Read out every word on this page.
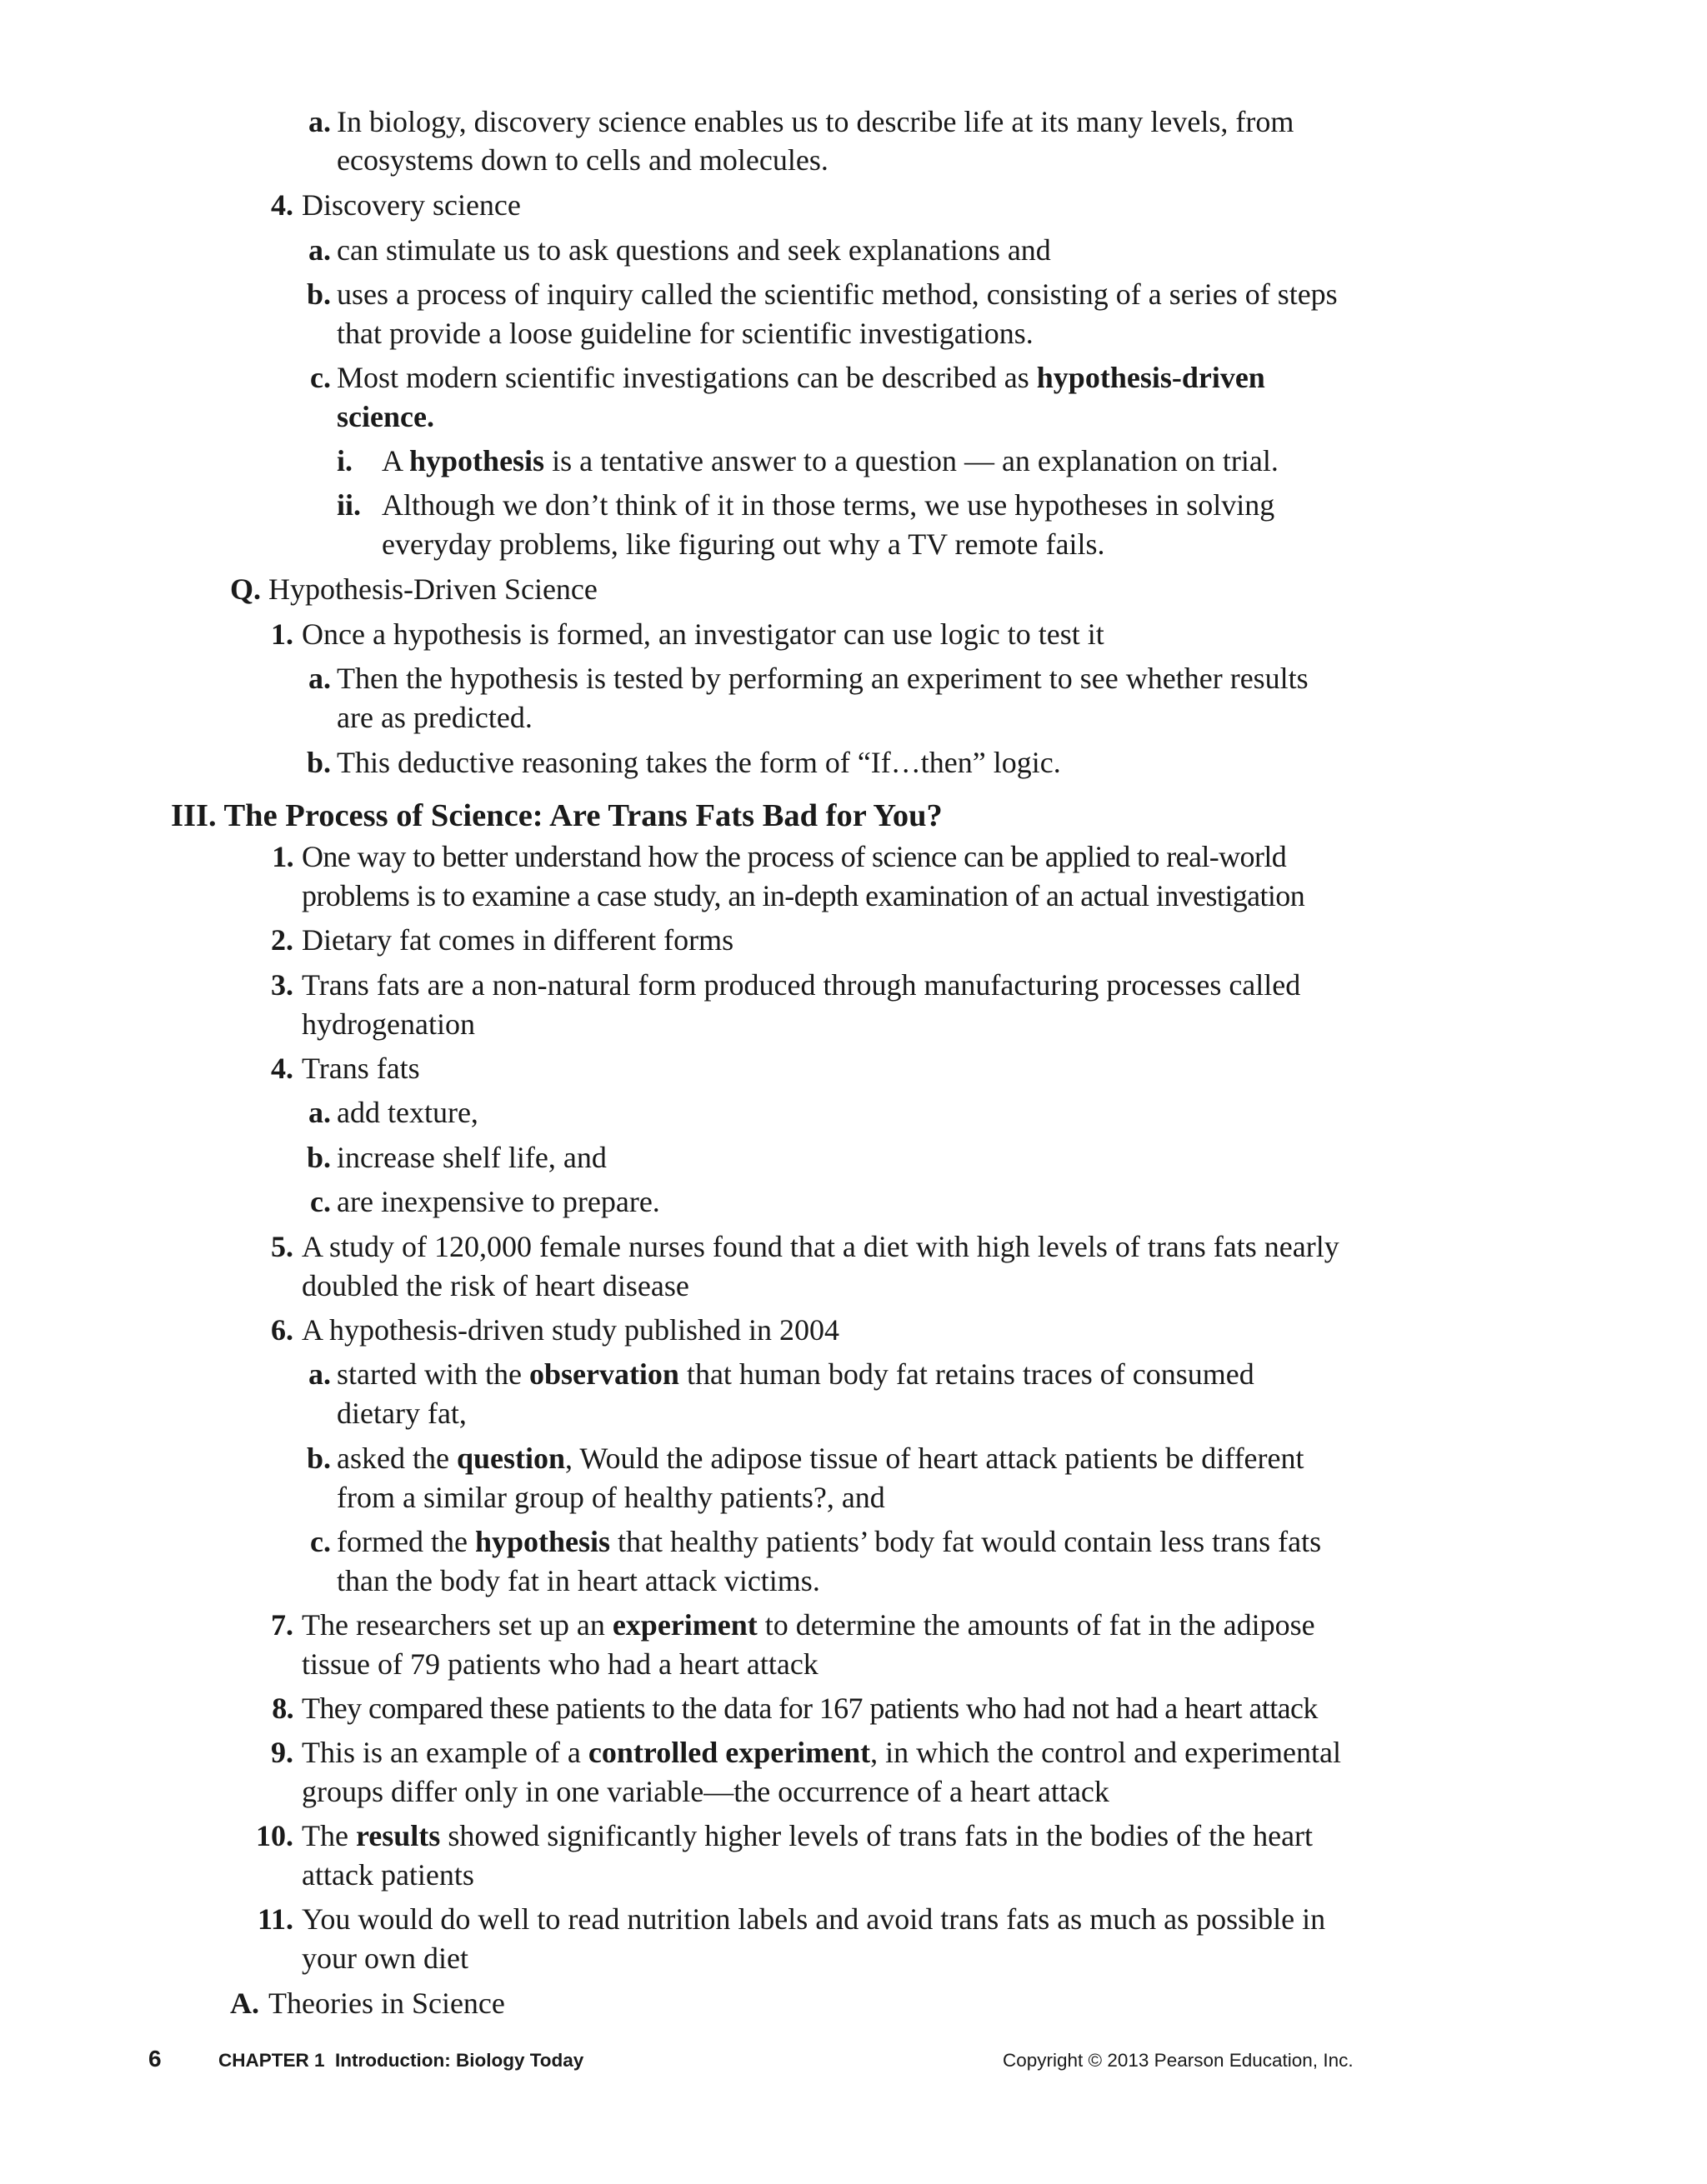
a. In biology, discovery science enables us to describe life at its many levels, from
ecosystems down to cells and molecules.
4. Discovery science
a. can stimulate us to ask questions and seek explanations and
b. uses a process of inquiry called the scientific method, consisting of a series of steps
that provide a loose guideline for scientific investigations.
c. Most modern scientific investigations can be described as hypothesis-driven
science.
i. A hypothesis is a tentative answer to a question — an explanation on trial.
ii. Although we don’t think of it in those terms, we use hypotheses in solving
everyday problems, like figuring out why a TV remote fails.
Q. Hypothesis-Driven Science
1. Once a hypothesis is formed, an investigator can use logic to test it
a. Then the hypothesis is tested by performing an experiment to see whether results
are as predicted.
b. This deductive reasoning takes the form of “If…then” logic.
III. The Process of Science: Are Trans Fats Bad for You?
1. One way to better understand how the process of science can be applied to real-world
problems is to examine a case study, an in-depth examination of an actual investigation
2. Dietary fat comes in different forms
3. Trans fats are a non-natural form produced through manufacturing processes called
hydrogenation
4. Trans fats
a. add texture,
b. increase shelf life, and
c. are inexpensive to prepare.
5. A study of 120,000 female nurses found that a diet with high levels of trans fats nearly
doubled the risk of heart disease
6. A hypothesis-driven study published in 2004
a. started with the observation that human body fat retains traces of consumed
dietary fat,
b. asked the question, Would the adipose tissue of heart attack patients be different
from a similar group of healthy patients?, and
c. formed the hypothesis that healthy patients’ body fat would contain less trans fats
than the body fat in heart attack victims.
7. The researchers set up an experiment to determine the amounts of fat in the adipose
tissue of 79 patients who had a heart attack
8. They compared these patients to the data for 167 patients who had not had a heart attack
9. This is an example of a controlled experiment, in which the control and experimental
groups differ only in one variable—the occurrence of a heart attack
10. The results showed significantly higher levels of trans fats in the bodies of the heart
attack patients
11. You would do well to read nutrition labels and avoid trans fats as much as possible in
your own diet
A. Theories in Science
6	CHAPTER 1  Introduction: Biology Today	Copyright © 2013 Pearson Education, Inc.
